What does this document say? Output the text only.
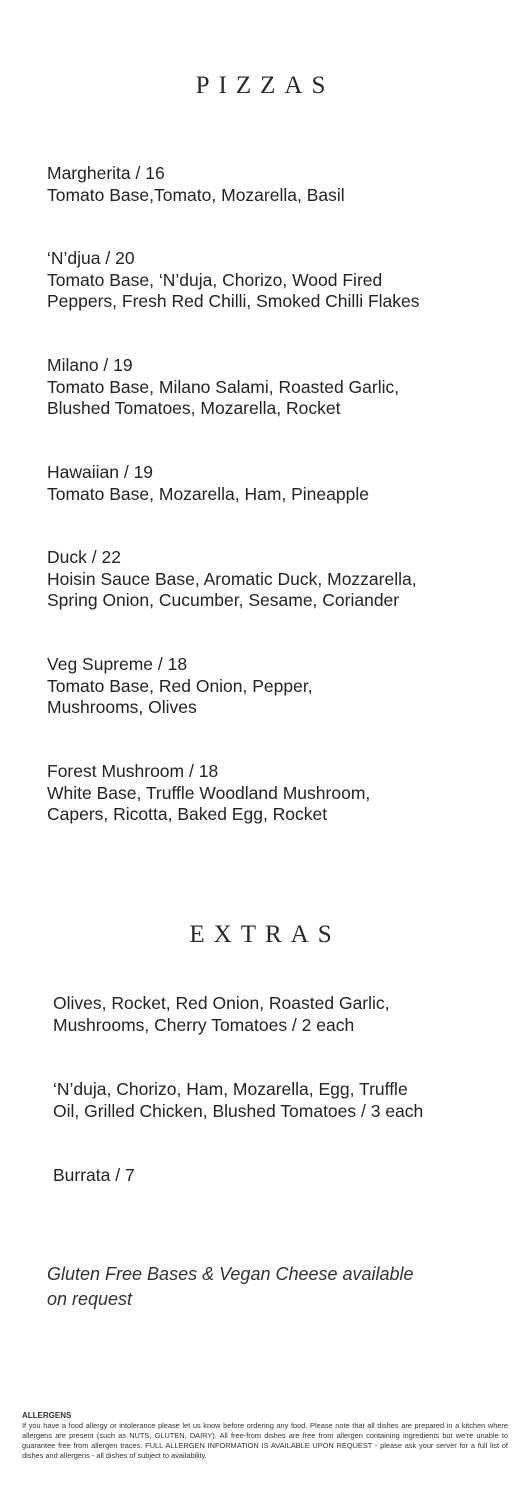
PIZZAS
Margherita / 16
Tomato Base,Tomato, Mozarella, Basil
‘N’djua / 20
Tomato Base, ‘N’duja, Chorizo, Wood Fired
Peppers, Fresh Red Chilli, Smoked Chilli Flakes
Milano / 19
Tomato Base, Milano Salami, Roasted Garlic,
Blushed Tomatoes, Mozarella, Rocket
Hawaiian / 19
Tomato Base, Mozarella, Ham, Pineapple
Duck / 22
Hoisin Sauce Base, Aromatic Duck, Mozzarella,
Spring Onion, Cucumber, Sesame, Coriander
Veg Supreme / 18
Tomato Base, Red Onion, Pepper,
Mushrooms, Olives
Forest Mushroom / 18
White Base, Truffle Woodland Mushroom,
Capers, Ricotta, Baked Egg, Rocket
EXTRAS
Olives, Rocket, Red Onion, Roasted Garlic,
Mushrooms, Cherry Tomatoes / 2 each
‘N’duja, Chorizo, Ham, Mozarella, Egg, Truffle
Oil, Grilled Chicken, Blushed Tomatoes / 3 each
Burrata / 7
Gluten Free Bases & Vegan Cheese available
on request
ALLERGENS
If you have a food allergy or intolerance please let us know before ordering any food. Please note that all dishes are prepared in a kitchen where allergens are present (such as NUTS, GLUTEN, DAIRY). All free-from dishes are free from allergen containing ingredients but we're unable to guarantee free from allergen traces. FULL ALLERGEN INFORMATION IS AVAILABLE UPON REQUEST - please ask your server for a full list of dishes and allergens - all dishes of subject to availability.
